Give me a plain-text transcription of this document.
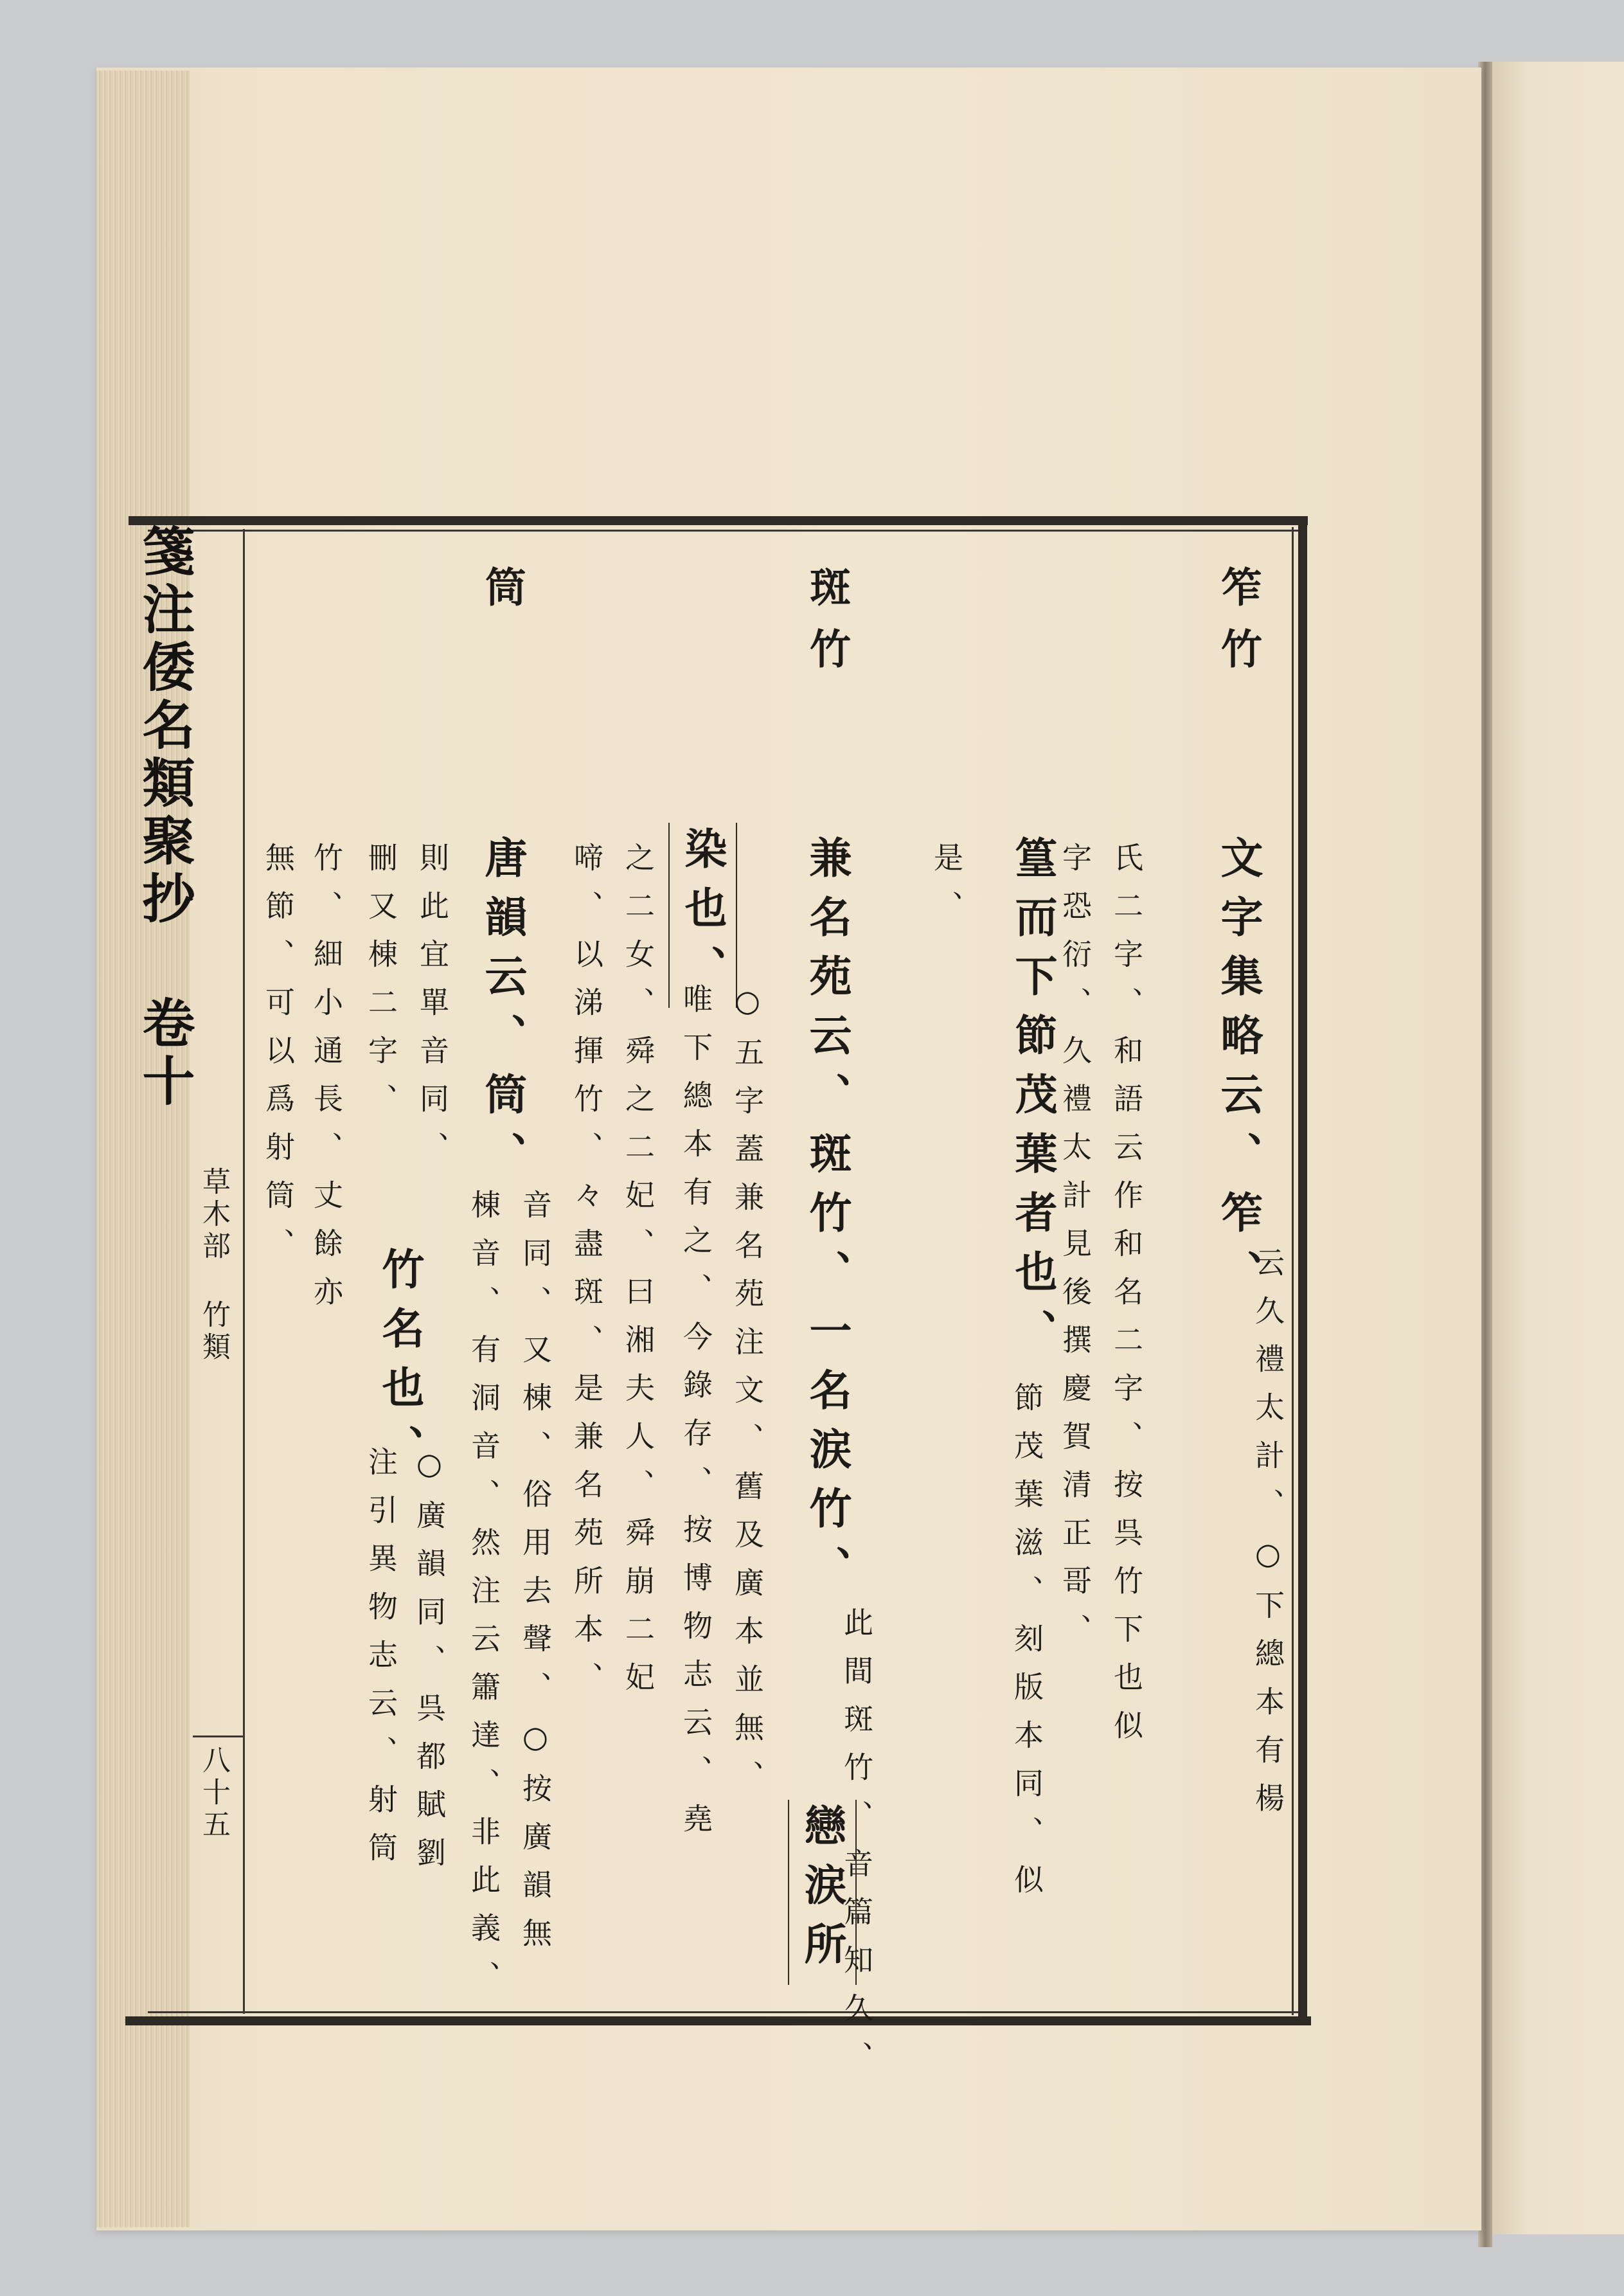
箋注倭名類聚抄 卷十
草木部 竹類
八十五
笮竹
文字集略云、笮、
云久禮太計、○下總本有楊
氏二字、和語云作和名二字、按呉竹下也似
字恐衍、久禮太計見後撰慶賀清正哥、
篁而下節茂葉者也、
節茂葉滋、刻版本同、似
是、
斑竹
兼名苑云、斑竹、一名涙竹、
此間斑竹、音篇知久、
戀涙所
染也、
○五字蓋兼名苑注文、舊及廣本並無、
唯下總本有之、今錄存、按博物志云、堯
之二女、舜之二妃、曰湘夫人、舜崩二妃
啼、以涕揮竹、々盡斑、是兼名苑所本、
筒
唐韻云、筒、
音同、又棟、俗用去聲、○按廣韻無
棟音、有洞音、然注云簫達、非此義、
竹名也、
○廣韻同、呉都賦劉
注引異物志云、射筒
則此宜單音同、
刪又棟二字、
竹、細小通長、丈餘亦
無節、可以爲射筒、
